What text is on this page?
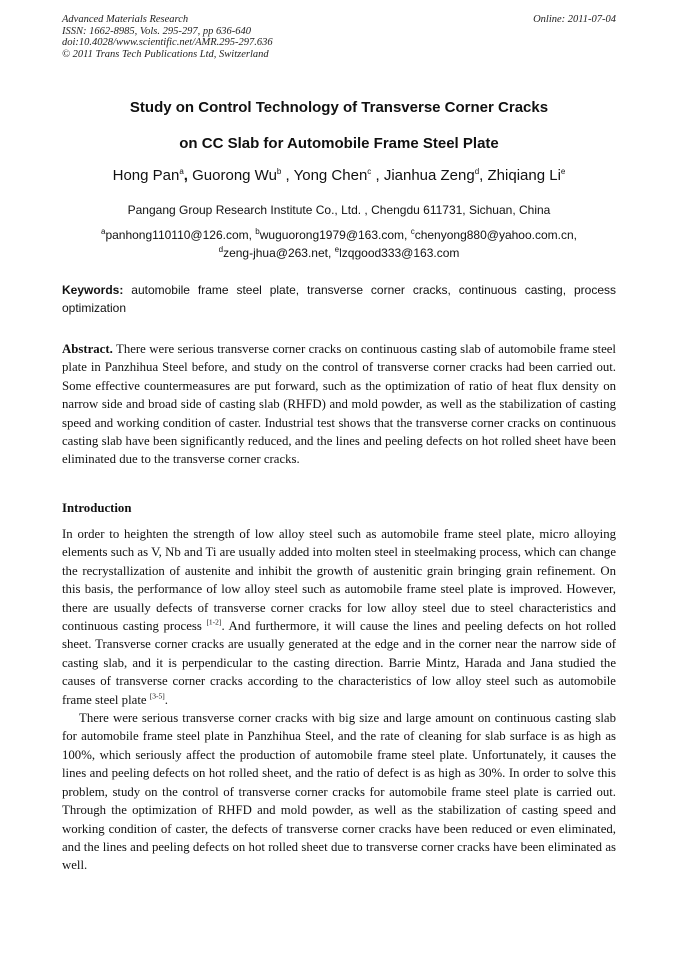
Advanced Materials Research
ISSN: 1662-8985, Vols. 295-297, pp 636-640
doi:10.4028/www.scientific.net/AMR.295-297.636
© 2011 Trans Tech Publications Ltd, Switzerland
Online: 2011-07-04
Study on Control Technology of Transverse Corner Cracks
on CC Slab for Automobile Frame Steel Plate
Hong Pan$^a$, Guorong Wu$^b$ , Yong Chen$^c$ , Jianhua Zeng$^d$, Zhiqiang Li$^e$
Pangang Group Research Institute Co., Ltd. , Chengdu 611731, Sichuan, China
$^a$panhong110110@126.com, $^b$wuguorong1979@163.com, $^c$chenyong880@yahoo.com.cn,
$^d$zeng-jhua@263.net, $^e$lzqgood333@163.com
Keywords: automobile frame steel plate, transverse corner cracks, continuous casting, process optimization
Abstract. There were serious transverse corner cracks on continuous casting slab of automobile frame steel plate in Panzhihua Steel before, and study on the control of transverse corner cracks had been carried out. Some effective countermeasures are put forward, such as the optimization of ratio of heat flux density on narrow side and broad side of casting slab (RHFD) and mold powder, as well as the stabilization of casting speed and working condition of caster. Industrial test shows that the transverse corner cracks on continuous casting slab have been significantly reduced, and the lines and peeling defects on hot rolled sheet have been eliminated due to the transverse corner cracks.
Introduction

In order to heighten the strength of low alloy steel such as automobile frame steel plate, micro alloying elements such as V, Nb and Ti are usually added into molten steel in steelmaking process, which can change the recrystallization of austenite and inhibit the growth of austenitic grain bringing grain refinement. On this basis, the performance of low alloy steel such as automobile frame steel plate is improved. However, there are usually defects of transverse corner cracks for low alloy steel due to steel characteristics and continuous casting process [1-2]. And furthermore, it will cause the lines and peeling defects on hot rolled sheet. Transverse corner cracks are usually generated at the edge and in the corner near the narrow side of casting slab, and it is perpendicular to the casting direction. Barrie Mintz, Harada and Jana studied the causes of transverse corner cracks according to the characteristics of low alloy steel such as automobile frame steel plate [3-5].

There were serious transverse corner cracks with big size and large amount on continuous casting slab for automobile frame steel plate in Panzhihua Steel, and the rate of cleaning for slab surface is as high as 100%, which seriously affect the production of automobile frame steel plate. Unfortunately, it causes the lines and peeling defects on hot rolled sheet, and the ratio of defect is as high as 30%. In order to solve this problem, study on the control of transverse corner cracks for automobile frame steel plate is carried out. Through the optimization of RHFD and mold powder, as well as the stabilization of casting speed and working condition of caster, the defects of transverse corner cracks have been reduced or even eliminated, and the lines and peeling defects on hot rolled sheet due to transverse corner cracks have been eliminated as well.
